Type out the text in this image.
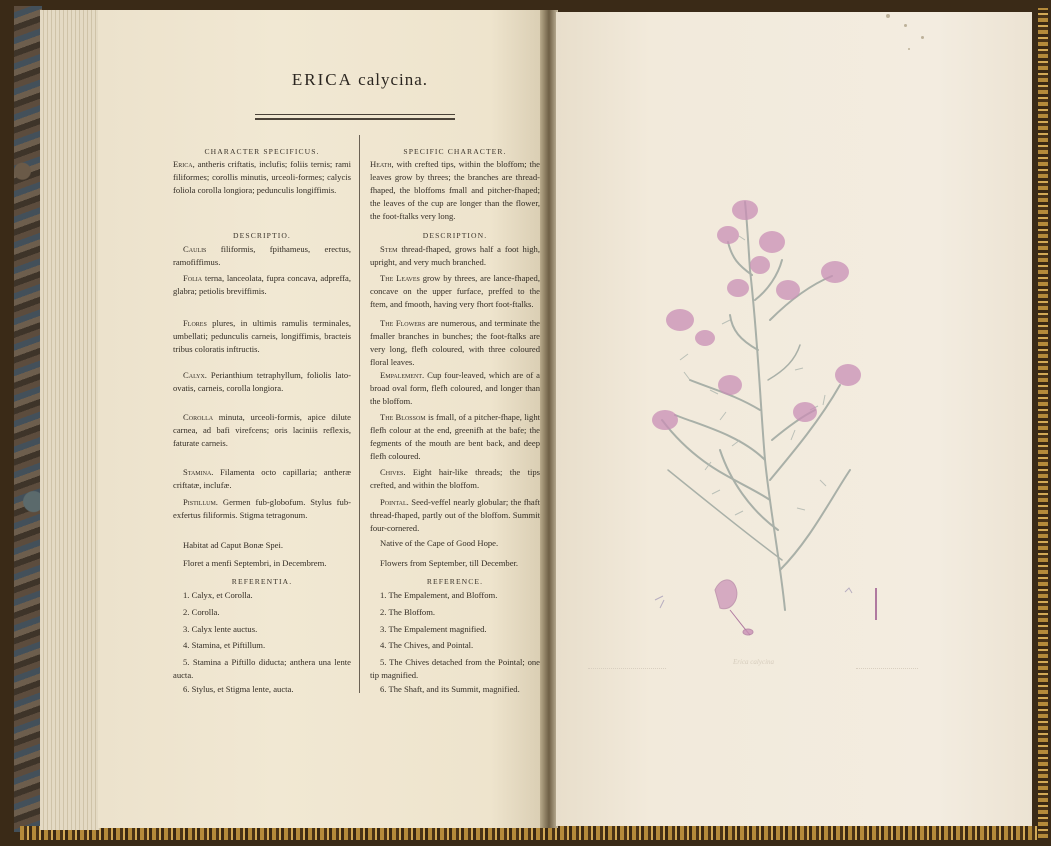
ERICA calycina.
CHARACTER SPECIFICUS.
Erica, antheris criftatis, inclufis; foliis ternis; rami filiformes; corollis minutis, urceoli-formes; calycis foliola corolla longiora; pedunculis longiffimis.
DESCRIPTIO.
Caulis filiformis, fpithameus, erectus, ramofiffimus.
Folia terna, lanceolata, fupra concava, adpreffa, glabra; petiolis breviffimis.
Flores plures, in ultimis ramulis terminales, umbellati; pedunculis carneis, longiffimis, bracteis tribus coloratis inftructis.
Calyx. Perianthium tetraphyllum, foliolis lato-ovatis, carneis, corolla longiora.
Corolla minuta, urceoli-formis, apice dilute carnea, ad bafi virefcens; oris laciniis reflexis, faturate carneis.
Stamina. Filamenta octo capillaria; antheræ criftatæ, inclufæ.
Pistillum. Germen fub-globofum. Stylus fub-exfertus filiformis. Stigma tetragonum.
Habitat ad Caput Bonæ Spei.
Floret a menfi Septembri, in Decembrem.
REFERENTIA.
1. Calyx, et Corolla.
2. Corolla.
3. Calyx lente auctus.
4. Stamina, et Piftillum.
5. Stamina a Piftillo diducta; anthera una lente aucta.
6. Stylus, et Stigma lente, aucta.
SPECIFIC CHARACTER.
Heath, with crefted tips, within the bloffom; the leaves grow by threes; the branches are thread-fhaped, the bloffoms fmall and pitcher-fhaped; the leaves of the cup are longer than the flower, the foot-ftalks very long.
DESCRIPTION.
Stem thread-fhaped, grows half a foot high, upright, and very much branched.
The Leaves grow by threes, are lance-fhaped, concave on the upper furface, preffed to the ftem, and fmooth, having very fhort foot-ftalks.
The Flowers are numerous, and terminate the fmaller branches in bunches; the foot-ftalks are very long, flefh coloured, with three coloured floral leaves.
Empalement. Cup four-leaved, which are of a broad oval form, flefh coloured, and longer than the bloffom.
The Blossom is fmall, of a pitcher-fhape, light flefh colour at the end, greenifh at the bafe; the fegments of the mouth are bent back, and deep flefh coloured.
Chives. Eight hair-like threads; the tips crefted, and within the bloffom.
Pointal. Seed-veffel nearly globular; the fhaft thread-fhaped, partly out of the bloffom. Summit four-cornered.
Native of the Cape of Good Hope.
Flowers from September, till December.
REFERENCE.
1. The Empalement, and Bloffom.
2. The Bloffom.
3. The Empalement magnified.
4. The Chives, and Pointal.
5. The Chives detached from the Pointal; one tip magnified.
6. The Shaft, and its Summit, magnified.
Erica calycina
